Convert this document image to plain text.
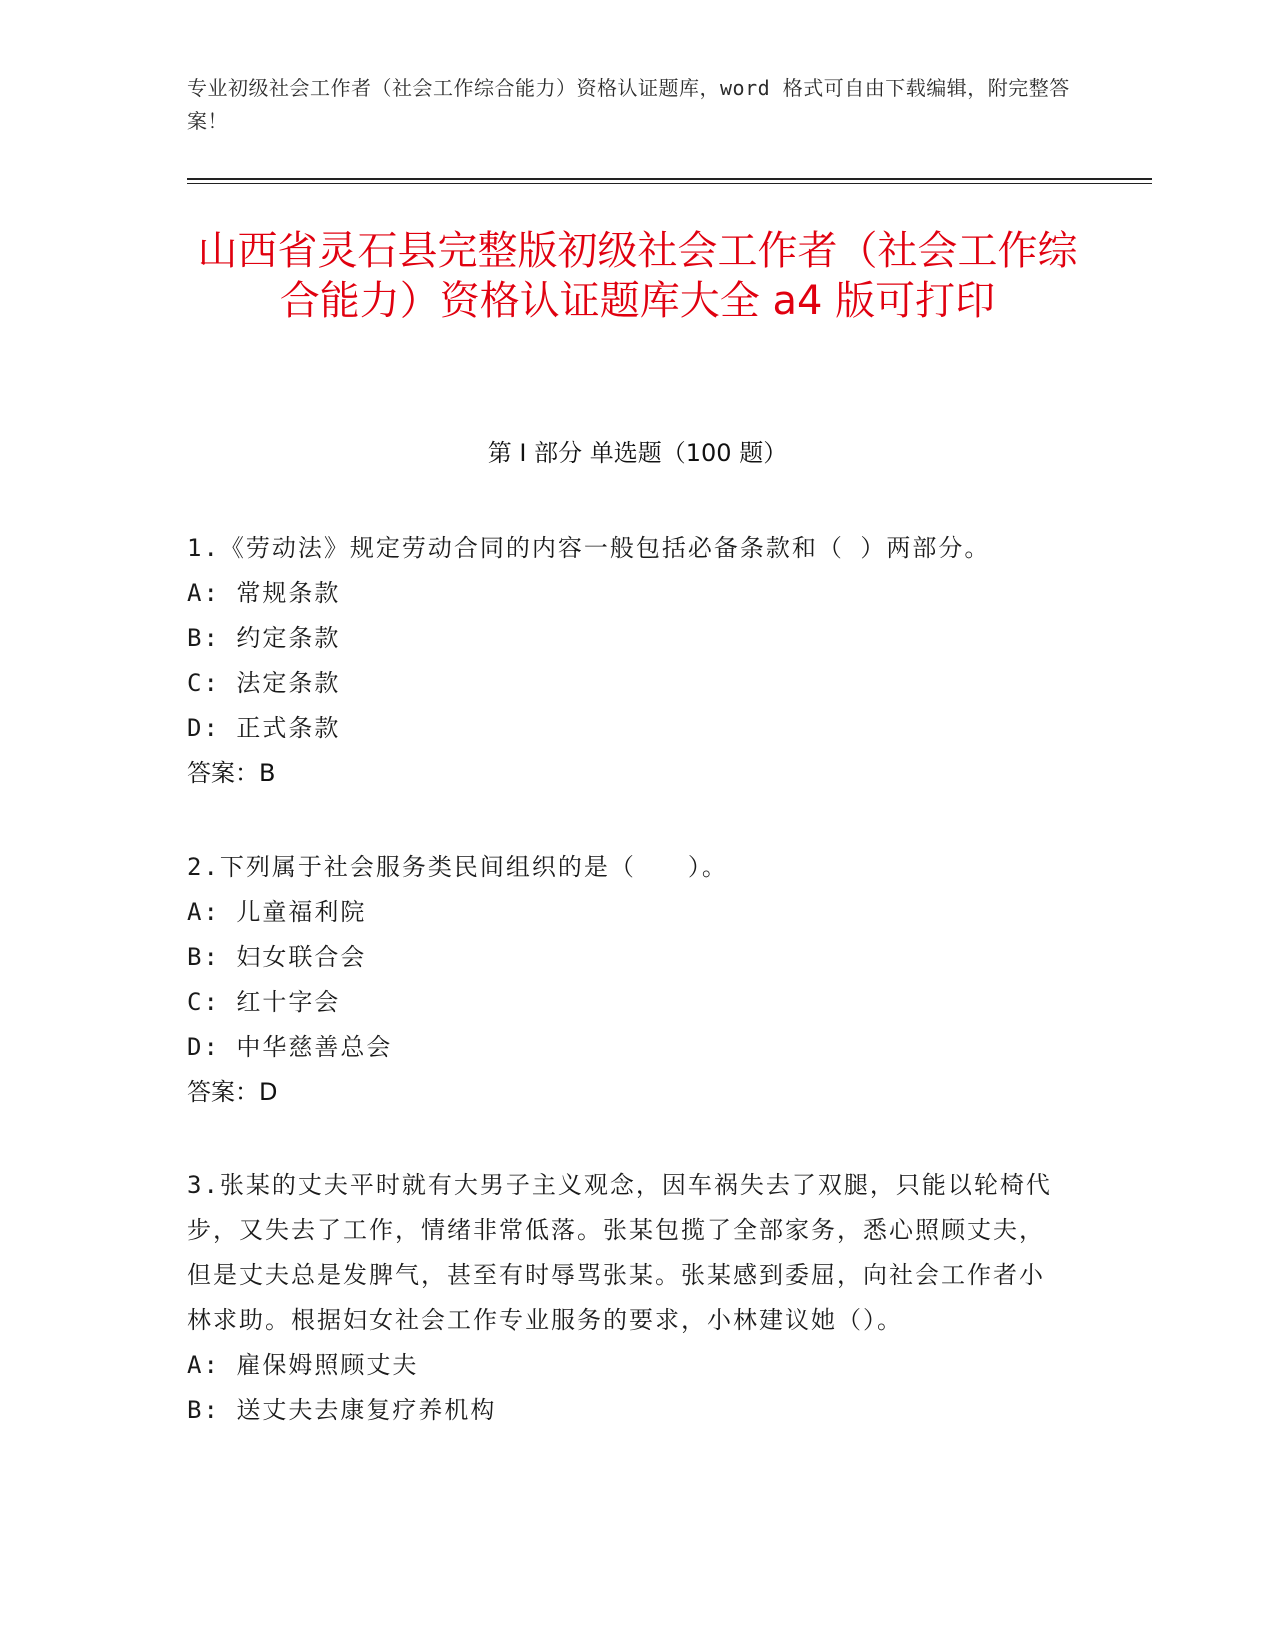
专业初级社会工作者（社会工作综合能力）资格认证题库，word 格式可自由下载编辑，附完整答案！
山西省灵石县完整版初级社会工作者（社会工作综合能力）资格认证题库大全 a4 版可打印
第 I 部分 单选题（100 题）
1.《劳动法》规定劳动合同的内容一般包括必备条款和（ ）两部分。
A: 常规条款
B: 约定条款
C: 法定条款
D: 正式条款
答案：B
2.下列属于社会服务类民间组织的是（　　）。
A: 儿童福利院
B: 妇女联合会
C: 红十字会
D: 中华慈善总会
答案：D
3.张某的丈夫平时就有大男子主义观念，因车祸失去了双腿，只能以轮椅代步，又失去了工作，情绪非常低落。张某包揽了全部家务，悉心照顾丈夫，但是丈夫总是发脾气，甚至有时辱骂张某。张某感到委屈，向社会工作者小林求助。根据妇女社会工作专业服务的要求，小林建议她（）。
A: 雇保姆照顾丈夫
B: 送丈夫去康复疗养机构
